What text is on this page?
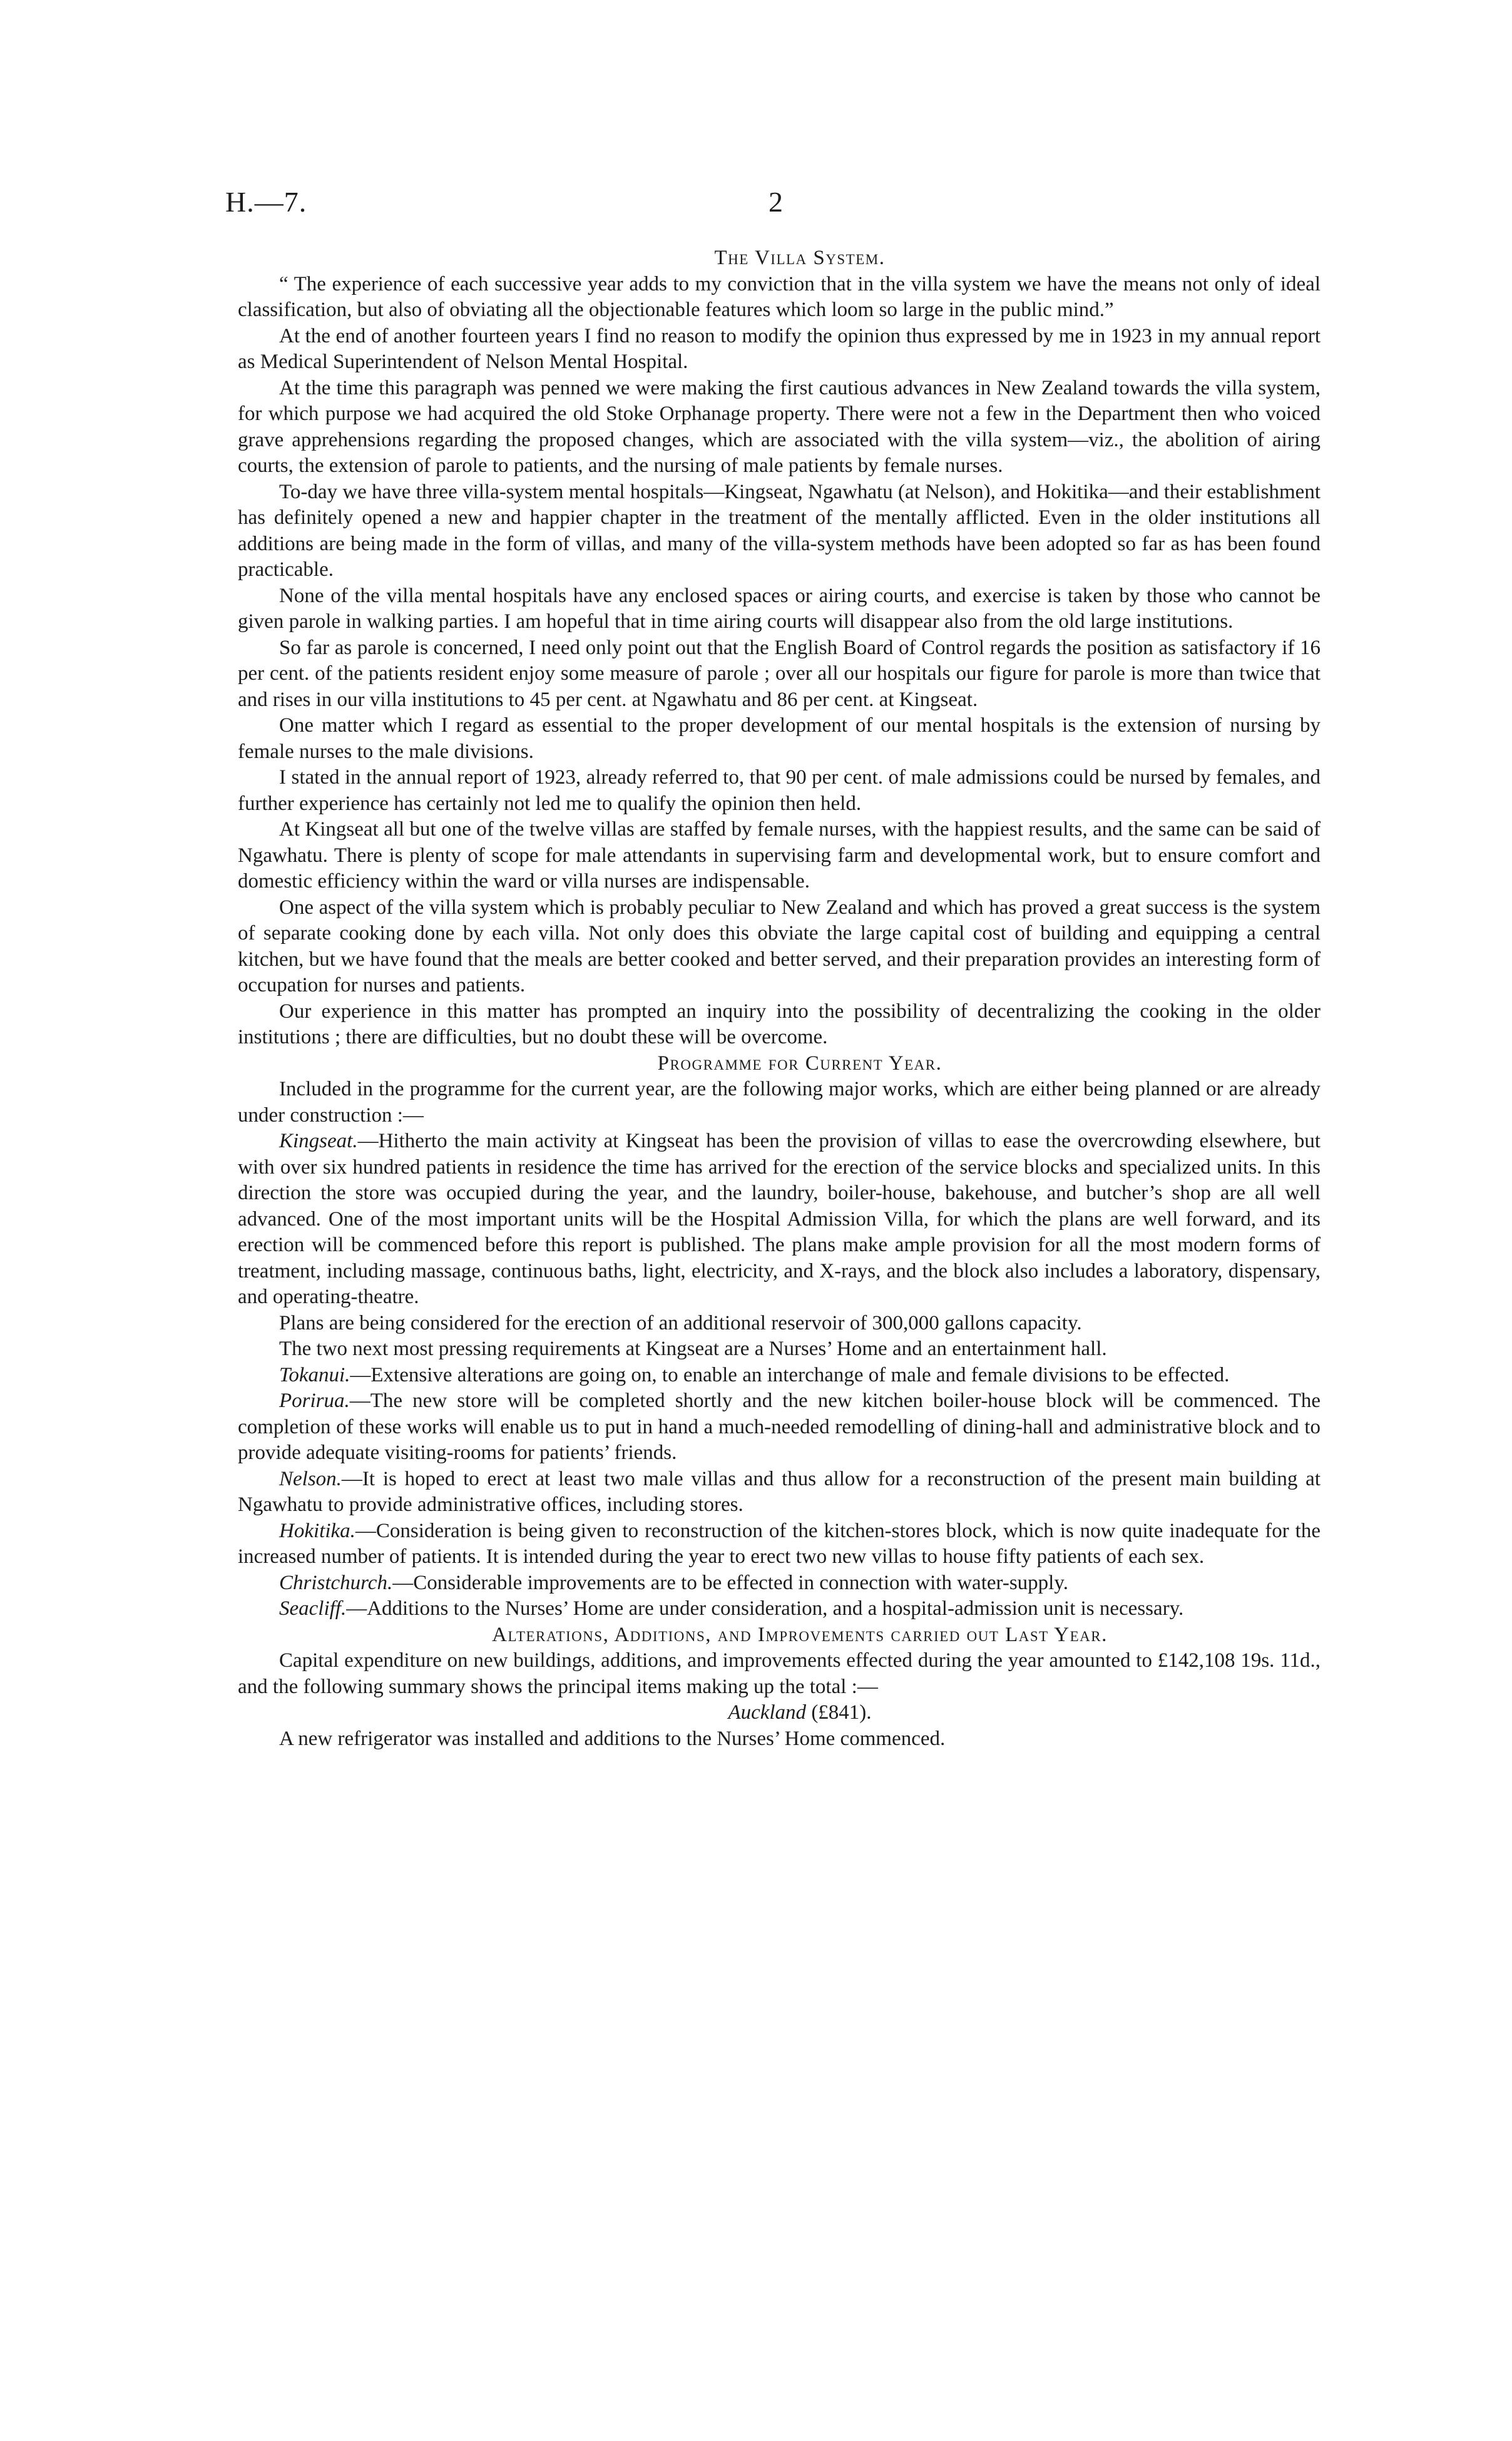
H.—7.	2

The Villa System.

“ The experience of each successive year adds to my conviction that in the villa system we have the means not only of ideal classification, but also of obviating all the objectionable features which loom so large in the public mind.”

At the end of another fourteen years I find no reason to modify the opinion thus expressed by me in 1923 in my annual report as Medical Superintendent of Nelson Mental Hospital.

At the time this paragraph was penned we were making the first cautious advances in New Zealand towards the villa system, for which purpose we had acquired the old Stoke Orphanage property. There were not a few in the Department then who voiced grave apprehensions regarding the proposed changes, which are associated with the villa system—viz., the abolition of airing courts, the extension of parole to patients, and the nursing of male patients by female nurses.

To-day we have three villa-system mental hospitals—Kingseat, Ngawhatu (at Nelson), and Hokitika—and their establishment has definitely opened a new and happier chapter in the treatment of the mentally afflicted. Even in the older institutions all additions are being made in the form of villas, and many of the villa-system methods have been adopted so far as has been found practicable.

None of the villa mental hospitals have any enclosed spaces or airing courts, and exercise is taken by those who cannot be given parole in walking parties. I am hopeful that in time airing courts will disappear also from the old large institutions.

So far as parole is concerned, I need only point out that the English Board of Control regards the position as satisfactory if 16 per cent. of the patients resident enjoy some measure of parole ; over all our hospitals our figure for parole is more than twice that and rises in our villa institutions to 45 per cent. at Ngawhatu and 86 per cent. at Kingseat.

One matter which I regard as essential to the proper development of our mental hospitals is the extension of nursing by female nurses to the male divisions.

I stated in the annual report of 1923, already referred to, that 90 per cent. of male admissions could be nursed by females, and further experience has certainly not led me to qualify the opinion then held.

At Kingseat all but one of the twelve villas are staffed by female nurses, with the happiest results, and the same can be said of Ngawhatu. There is plenty of scope for male attendants in supervising farm and developmental work, but to ensure comfort and domestic efficiency within the ward or villa nurses are indispensable.

One aspect of the villa system which is probably peculiar to New Zealand and which has proved a great success is the system of separate cooking done by each villa. Not only does this obviate the large capital cost of building and equipping a central kitchen, but we have found that the meals are better cooked and better served, and their preparation provides an interesting form of occupation for nurses and patients.

Our experience in this matter has prompted an inquiry into the possibility of decentralizing the cooking in the older institutions ; there are difficulties, but no doubt these will be overcome.

Programme for Current Year.

Included in the programme for the current year, are the following major works, which are either being planned or are already under construction :—

Kingseat.—Hitherto the main activity at Kingseat has been the provision of villas to ease the overcrowding elsewhere, but with over six hundred patients in residence the time has arrived for the erection of the service blocks and specialized units. In this direction the store was occupied during the year, and the laundry, boiler-house, bakehouse, and butcher’s shop are all well advanced. One of the most important units will be the Hospital Admission Villa, for which the plans are well forward, and its erection will be commenced before this report is published. The plans make ample provision for all the most modern forms of treatment, including massage, continuous baths, light, electricity, and X-rays, and the block also includes a laboratory, dispensary, and operating-theatre.

Plans are being considered for the erection of an additional reservoir of 300,000 gallons capacity.

The two next most pressing requirements at Kingseat are a Nurses’ Home and an entertainment hall.

Tokanui.—Extensive alterations are going on, to enable an interchange of male and female divisions to be effected.

Porirua.—The new store will be completed shortly and the new kitchen boiler-house block will be commenced. The completion of these works will enable us to put in hand a much-needed remodelling of dining-hall and administrative block and to provide adequate visiting-rooms for patients’ friends.

Nelson.—It is hoped to erect at least two male villas and thus allow for a reconstruction of the present main building at Ngawhatu to provide administrative offices, including stores.

Hokitika.—Consideration is being given to reconstruction of the kitchen-stores block, which is now quite inadequate for the increased number of patients. It is intended during the year to erect two new villas to house fifty patients of each sex.

Christchurch.—Considerable improvements are to be effected in connection with water-supply.

Seacliff.—Additions to the Nurses’ Home are under consideration, and a hospital-admission unit is necessary.

Alterations, Additions, and Improvements carried out Last Year.

Capital expenditure on new buildings, additions, and improvements effected during the year amounted to £142,108 19s. 11d., and the following summary shows the principal items making up the total :—

Auckland (£841).

A new refrigerator was installed and additions to the Nurses’ Home commenced.
